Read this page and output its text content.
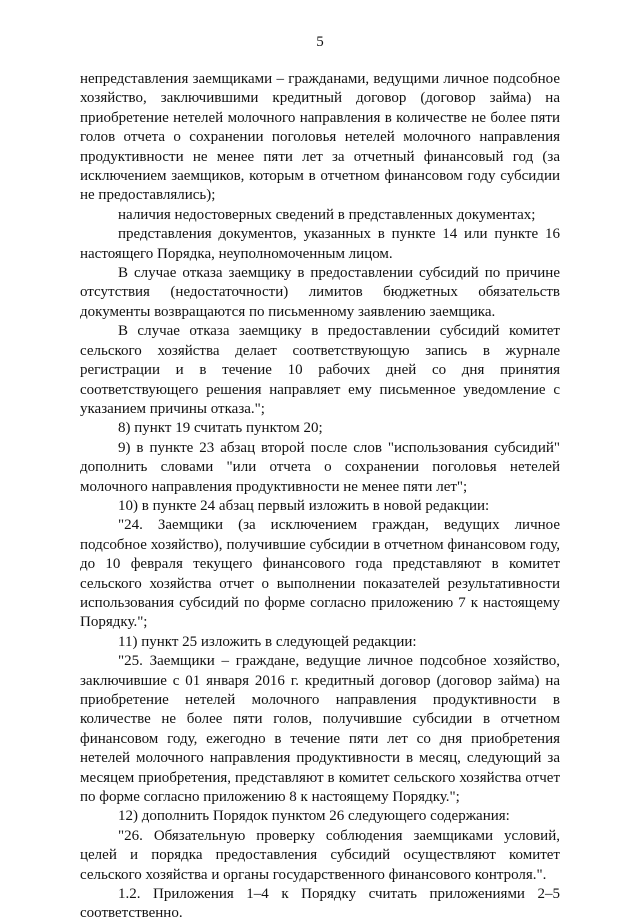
5

непредставления заемщиками – гражданами, ведущими личное подсобное хозяйство, заключившими кредитный договор (договор займа) на приобретение нетелей молочного направления в количестве не более пяти голов отчета о сохранении поголовья нетелей молочного направления продуктивности не менее пяти лет за отчетный финансовый год (за исключением заемщиков, которым в отчетном финансовом году субсидии не предоставлялись);

наличия недостоверных сведений в представленных документах;

представления документов, указанных в пункте 14 или пункте 16 настоящего Порядка, неуполномоченным лицом.

В случае отказа заемщику в предоставлении субсидий по причине отсутствия (недостаточности) лимитов бюджетных обязательств документы возвращаются по письменному заявлению заемщика.

В случае отказа заемщику в предоставлении субсидий комитет сельского хозяйства делает соответствующую запись в журнале регистрации и в течение 10 рабочих дней со дня принятия соответствующего решения направляет ему письменное уведомление с указанием причины отказа.";

8) пункт 19 считать пунктом 20;

9) в пункте 23 абзац второй после слов "использования субсидий" дополнить словами "или отчета о сохранении поголовья нетелей молочного направления продуктивности не менее пяти лет";

10) в пункте 24 абзац первый изложить в новой редакции:

"24. Заемщики (за исключением граждан, ведущих личное подсобное хозяйство), получившие субсидии в отчетном финансовом году, до 10 февраля текущего финансового года представляют в комитет сельского хозяйства отчет о выполнении показателей результативности использования субсидий по форме согласно приложению 7 к настоящему Порядку.";

11) пункт 25 изложить в следующей редакции:

"25. Заемщики – граждане, ведущие личное подсобное хозяйство, заключившие с 01 января 2016 г. кредитный договор (договор займа) на приобретение нетелей молочного направления продуктивности в количестве не более пяти голов, получившие субсидии в отчетном финансовом году, ежегодно в течение пяти лет со дня приобретения нетелей молочного направления продуктивности в месяц, следующий за месяцем приобретения, представляют в комитет сельского хозяйства отчет по форме согласно приложению 8 к настоящему Порядку.";

12) дополнить Порядок пунктом 26 следующего содержания:

"26. Обязательную проверку соблюдения заемщиками условий, целей и порядка предоставления субсидий осуществляют комитет сельского хозяйства и органы государственного финансового контроля.".

1.2. Приложения 1–4 к Порядку считать приложениями 2–5 соответственно.
